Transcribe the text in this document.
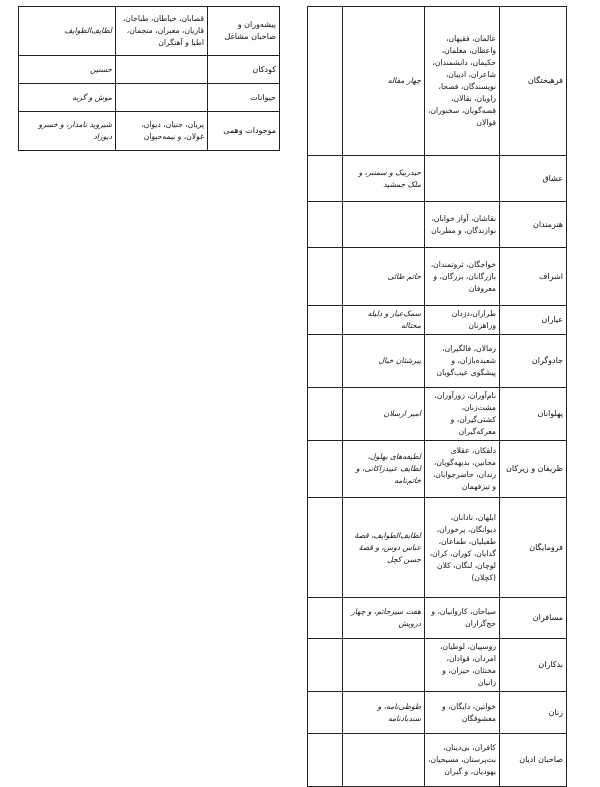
فرهیختگان	عالمان، فقیهان، واعظان، معلمان، حکیمان، دانشمندان، شاعران، ادیبان، نویسندگان، فصحا، راویان، نقالان، قصه‌گویان، سخنوران، قوالان	چهار مقاله	
عشاق		حیدربیک و سمنبر، و ملک جمشید	
هنرمندان	نقاشان، آواز خوانان، نوازندگان، و مطربان		
اشراف	خواجگان، ثروتمندان، بازرگانان، بزرگان، و معروفان	حاتم طائی	
عیاران	طراران،دزدان وراهزنان	سمک‌عیار و دلیله محتاله	
جادوگران	رمالان، فالگیران، شعبده‌بازان، و پیشگوی عیب‌گویان	پیرشتان خیال	
پهلوانان	نام‌آوران، زورآوران، مشت‌زنان، کشتی‌گیران، و معرکه‌گیران	امیر ارسلان	
ظریفان و زیرکان	دلقکان، عقلای مجانین، بدیهه‌گویان، رندان، حاضرجوابان، و تیزفهمان	لطیفه‌های بهلول، لطایف عبیدزاکانی، و خاتم‌نامه	
فرومایگان	ابلهان، نادانان، دیوانگان، پرخوران، طفیلیان، طماعان، گدایان، کوران، کران، لوچان، لنگان، کلان (کچلان)	لطایف‌الطوایف، قصهٔ عباس دوس، و قصهٔ حسن کچل	
مسافران	سیاحان، کاروانیان، و حج‌گزاران	هفت سیرحاتم، و چهار درویش	
بدکاران	روسپیان، لوطیان، امردان، قوادان، مخنثان، حیزان، و زانیان		
زنان	خواتین، دایگان، و معشوقگان	طوطی‌نامه، و سندبادنامه	
صاحبان ادیان	کافران، بی‌دینان، بت‌پرستان، مسیحیان، یهودیان، و گبران		
پیشه‌وران و صاحبان مشاغل	قصابان، خیاطان، طباخان، قاریان، معبران، منجمان، اطبا و آهنگران	لطایف‌الطوایف
کودکان		حسنین
حیوانات		موش و گربه
موجودات وهمی	پریان، جنیان، دیوان، غولان، و نیمه‌حیوان	شیروید نامدار، و خسرو دیوزاد
